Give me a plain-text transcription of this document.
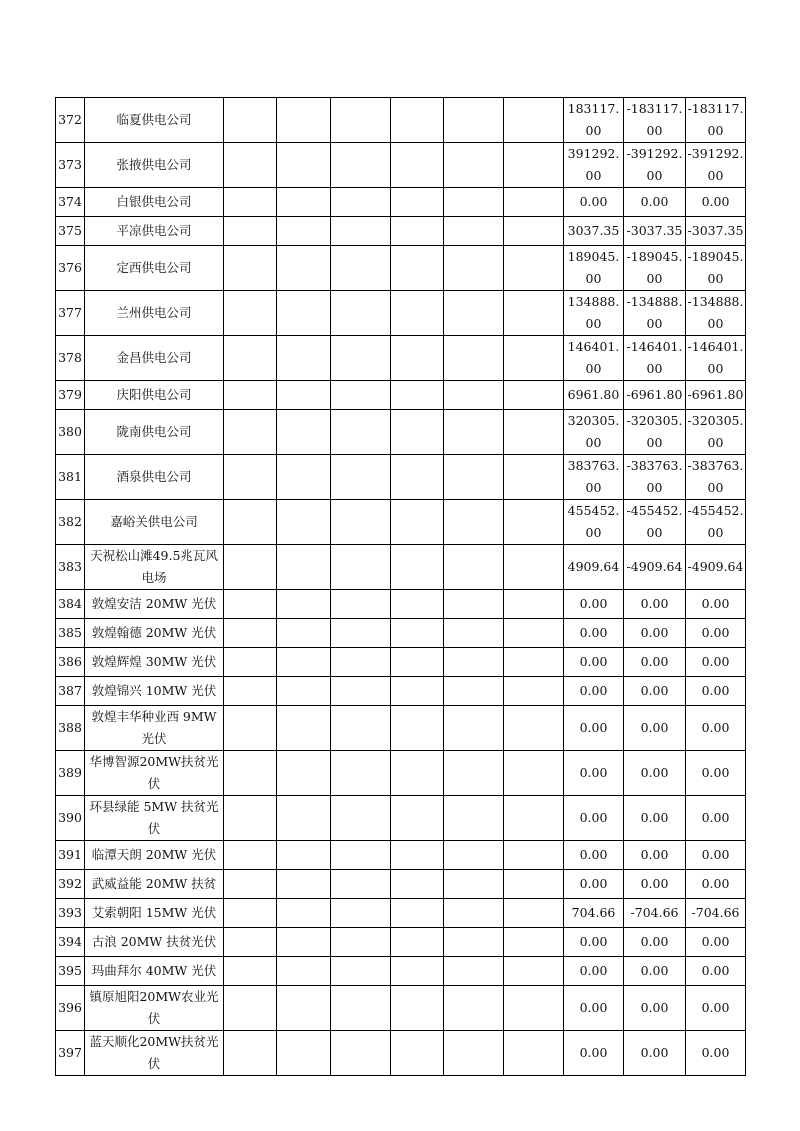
372	临夏供电公司							183117.00	-183117.00	-183117.00
373	张掖供电公司							391292.00	-391292.00	-391292.00
374	白银供电公司							0.00	0.00	0.00
375	平凉供电公司							3037.35	-3037.35	-3037.35
376	定西供电公司							189045.00	-189045.00	-189045.00
377	兰州供电公司							134888.00	-134888.00	-134888.00
378	金昌供电公司							146401.00	-146401.00	-146401.00
379	庆阳供电公司							6961.80	-6961.80	-6961.80
380	陇南供电公司							320305.00	-320305.00	-320305.00
381	酒泉供电公司							383763.00	-383763.00	-383763.00
382	嘉峪关供电公司							455452.00	-455452.00	-455452.00
383	天祝松山滩49.5兆瓦风电场							4909.64	-4909.64	-4909.64
384	敦煌安洁 20MW 光伏							0.00	0.00	0.00
385	敦煌翰德 20MW 光伏							0.00	0.00	0.00
386	敦煌辉煌 30MW 光伏							0.00	0.00	0.00
387	敦煌锦兴 10MW 光伏							0.00	0.00	0.00
388	敦煌丰华种业西 9MW 光伏							0.00	0.00	0.00
389	华博智源20MW扶贫光伏							0.00	0.00	0.00
390	环县绿能 5MW 扶贫光伏							0.00	0.00	0.00
391	临潭天朗 20MW 光伏							0.00	0.00	0.00
392	武威益能 20MW 扶贫							0.00	0.00	0.00
393	艾索朝阳 15MW 光伏							704.66	-704.66	-704.66
394	古浪 20MW 扶贫光伏							0.00	0.00	0.00
395	玛曲拜尔 40MW 光伏							0.00	0.00	0.00
396	镇原旭阳20MW农业光伏							0.00	0.00	0.00
397	蓝天顺化20MW扶贫光伏							0.00	0.00	0.00
